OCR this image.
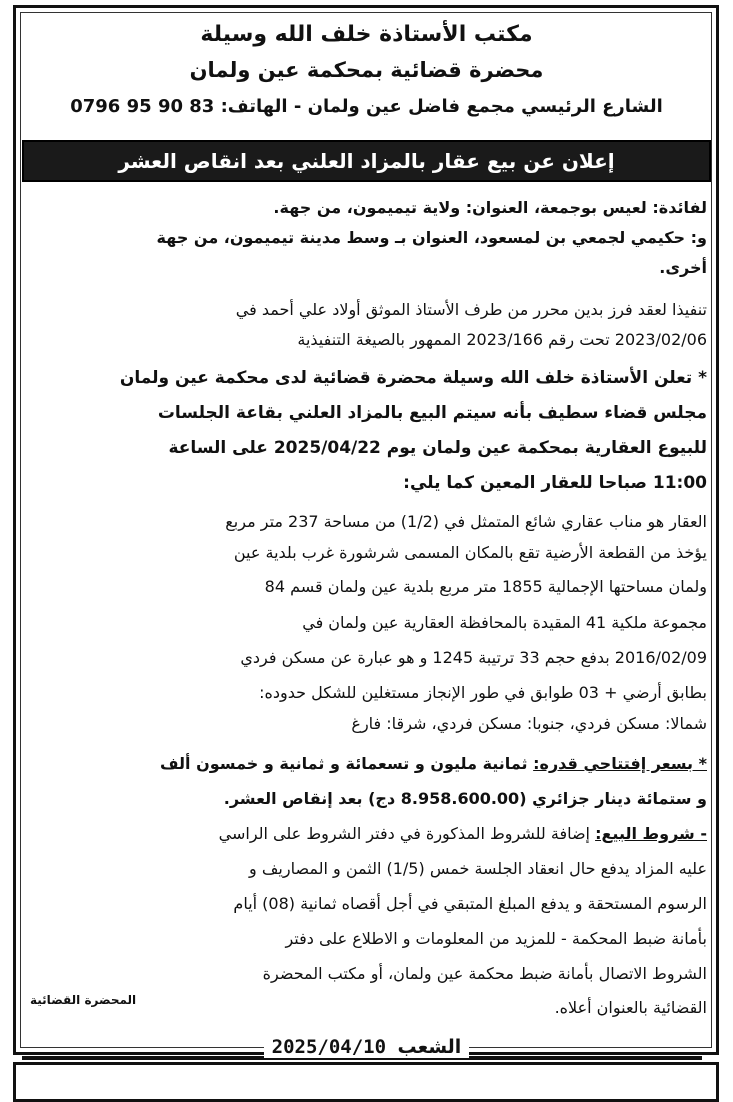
مكتب الأستاذة خلف الله وسيلة
محضرة قضائية بمحكمة عين ولمان
الشارع الرئيسي مجمع فاضل عين ولمان - الهاتف: 83 90 95 0796
إعلان عن بيع عقار بالمزاد العلني بعد انقاص العشر
لفائدة: لعيس بوجمعة، العنوان: ولاية تيميمون، من جهة.
و: حكيمي لجمعي بن لمسعود، العنوان بـ وسط مدينة تيميمون، من جهة
أخرى.
تنفيذا لعقد فرز بدين محرر من طرف الأستاذ الموثق أولاد علي أحمد في
2023/02/06 تحت رقم 2023/166 الممهور بالصيغة التنفيذية
* تعلن الأستاذة خلف الله وسيلة محضرة قضائية لدى محكمة عين ولمان
مجلس قضاء سطيف بأنه سيتم البيع بالمزاد العلني بقاعة الجلسات
للبيوع العقارية بمحكمة عين ولمان يوم 2025/04/22 على الساعة
11:00 صباحا للعقار المعين كما يلي:
العقار هو مناب عقاري شائع المتمثل في (1/2) من مساحة 237 متر مربع
يؤخذ من القطعة الأرضية تقع بالمكان المسمى شرشورة غرب بلدية عين
ولمان مساحتها الإجمالية 1855 متر مربع بلدية عين ولمان قسم 84
مجموعة ملكية 41 المقيدة بالمحافظة العقارية عين ولمان في
2016/02/09 بدفع حجم 33 ترتيبة 1245 و هو عبارة عن مسكن فردي
بطابق أرضي + 03 طوابق في طور الإنجاز مستغلين للشكل حدوده:
شمالا: مسكن فردي، جنوبا: مسكن فردي، شرقا: فارغ
* بسعر إفتتاحي قدره: ثمانية مليون و تسعمائة و ثمانية و خمسون ألف
و ستمائة دينار جزائري (8.958.600.00 دج) بعد إنقاص العشر.
- شروط البيع: إضافة للشروط المذكورة في دفتر الشروط على الراسي
عليه المزاد يدفع حال انعقاد الجلسة خمس (1/5) الثمن و المصاريف و
الرسوم المستحقة و يدفع المبلغ المتبقي في أجل أقصاه ثمانية (08) أيام
بأمانة ضبط المحكمة - للمزيد من المعلومات و الاطلاع على دفتر
الشروط الاتصال بأمانة ضبط محكمة عين ولمان، أو مكتب المحضرة
القضائية بالعنوان أعلاه.
المحضرة القضائية
2025/04/10 الشعب
